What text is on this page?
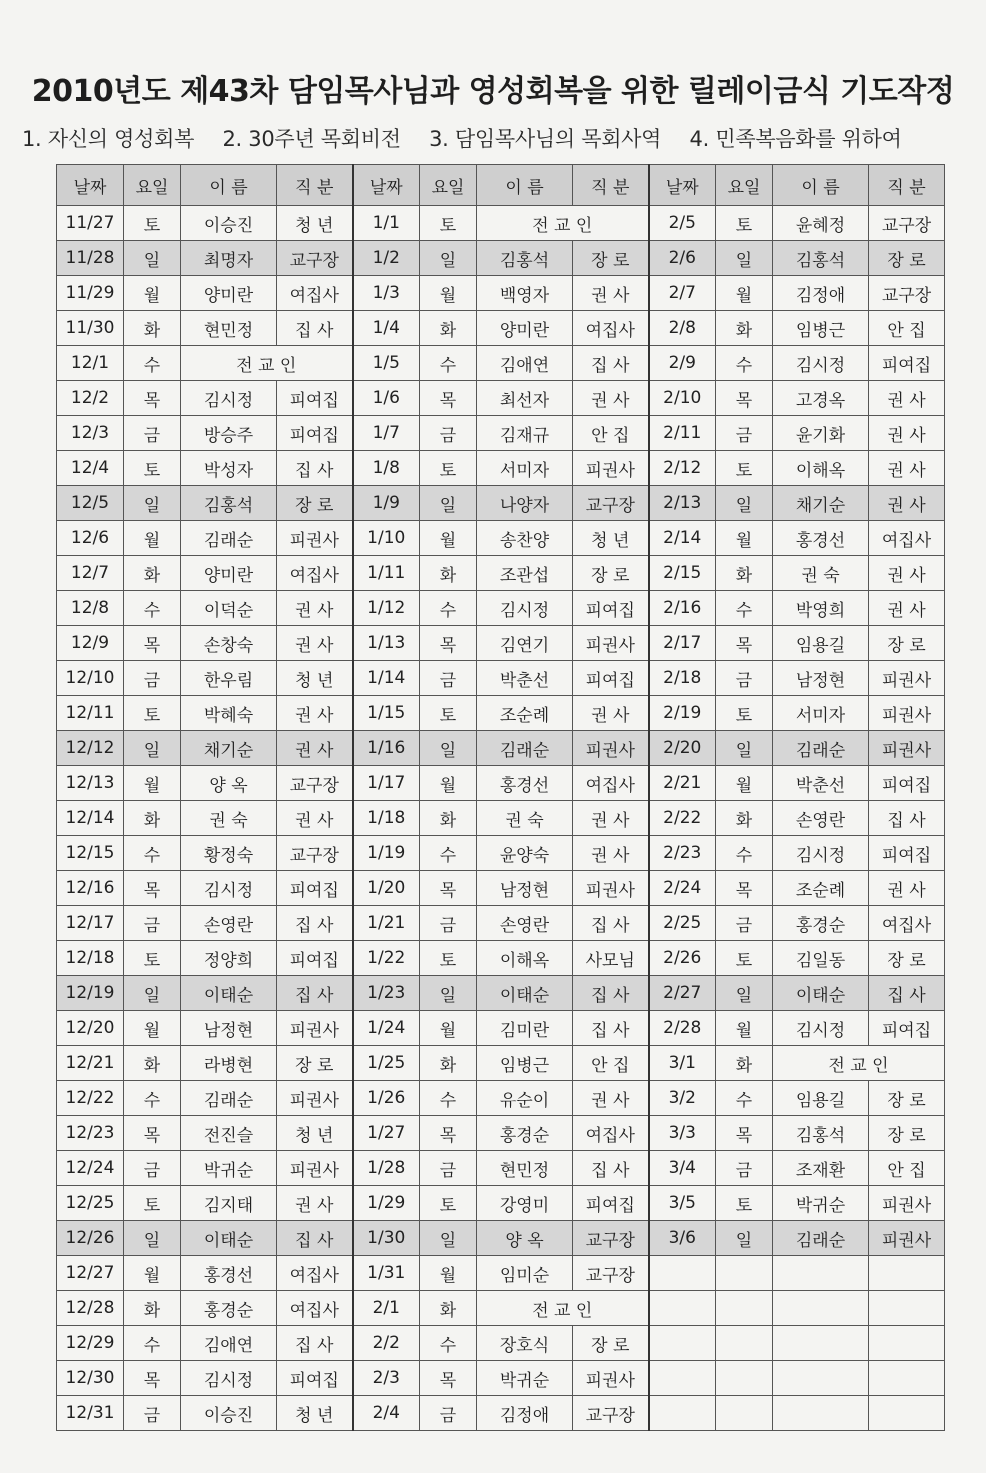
2010년도 제43차 담임목사님과 영성회복을 위한 릴레이금식 기도작정
1. 자신의 영성회복 2. 30주년 목회비전 3. 담임목사님의 목회사역 4. 민족복음화를 위하여
날짜	요일	이 름	직 분	날짜	요일	이 름	직 분	날짜	요일	이 름	직 분
11/27	토	이승진	청 년	1/1	토	전 교 인		2/5	토	윤혜정	교구장
11/28	일	최명자	교구장	1/2	일	김홍석	장 로	2/6	일	김홍석	장 로
11/29	월	양미란	여집사	1/3	월	백영자	권 사	2/7	월	김정애	교구장
11/30	화	현민정	집 사	1/4	화	양미란	여집사	2/8	화	임병근	안 집
12/1	수	전 교 인		1/5	수	김애연	집 사	2/9	수	김시정	피여집
12/2	목	김시정	피여집	1/6	목	최선자	권 사	2/10	목	고경옥	권 사
12/3	금	방승주	피여집	1/7	금	김재규	안 집	2/11	금	윤기화	권 사
12/4	토	박성자	집 사	1/8	토	서미자	피권사	2/12	토	이해옥	권 사
12/5	일	김홍석	장 로	1/9	일	나양자	교구장	2/13	일	채기순	권 사
12/6	월	김래순	피권사	1/10	월	송찬양	청 년	2/14	월	홍경선	여집사
12/7	화	양미란	여집사	1/11	화	조관섭	장 로	2/15	화	권 숙	권 사
12/8	수	이덕순	권 사	1/12	수	김시정	피여집	2/16	수	박영희	권 사
12/9	목	손창숙	권 사	1/13	목	김연기	피권사	2/17	목	임용길	장 로
12/10	금	한우림	청 년	1/14	금	박춘선	피여집	2/18	금	남정현	피권사
12/11	토	박혜숙	권 사	1/15	토	조순례	권 사	2/19	토	서미자	피권사
12/12	일	채기순	권 사	1/16	일	김래순	피권사	2/20	일	김래순	피권사
12/13	월	양 옥	교구장	1/17	월	홍경선	여집사	2/21	월	박춘선	피여집
12/14	화	권 숙	권 사	1/18	화	권 숙	권 사	2/22	화	손영란	집 사
12/15	수	황정숙	교구장	1/19	수	윤양숙	권 사	2/23	수	김시정	피여집
12/16	목	김시정	피여집	1/20	목	남정현	피권사	2/24	목	조순례	권 사
12/17	금	손영란	집 사	1/21	금	손영란	집 사	2/25	금	홍경순	여집사
12/18	토	정양희	피여집	1/22	토	이해옥	사모님	2/26	토	김일동	장 로
12/19	일	이태순	집 사	1/23	일	이태순	집 사	2/27	일	이태순	집 사
12/20	월	남정현	피권사	1/24	월	김미란	집 사	2/28	월	김시정	피여집
12/21	화	라병현	장 로	1/25	화	임병근	안 집	3/1	화	전 교 인	
12/22	수	김래순	피권사	1/26	수	유순이	권 사	3/2	수	임용길	장 로
12/23	목	전진슬	청 년	1/27	목	홍경순	여집사	3/3	목	김홍석	장 로
12/24	금	박귀순	피권사	1/28	금	현민정	집 사	3/4	금	조재환	안 집
12/25	토	김지태	권 사	1/29	토	강영미	피여집	3/5	토	박귀순	피권사
12/26	일	이태순	집 사	1/30	일	양 옥	교구장	3/6	일	김래순	피권사
12/27	월	홍경선	여집사	1/31	월	임미순	교구장				
12/28	화	홍경순	여집사	2/1	화	전 교 인					
12/29	수	김애연	집 사	2/2	수	장호식	장 로				
12/30	목	김시정	피여집	2/3	목	박귀순	피권사				
12/31	금	이승진	청 년	2/4	금	김정애	교구장				
